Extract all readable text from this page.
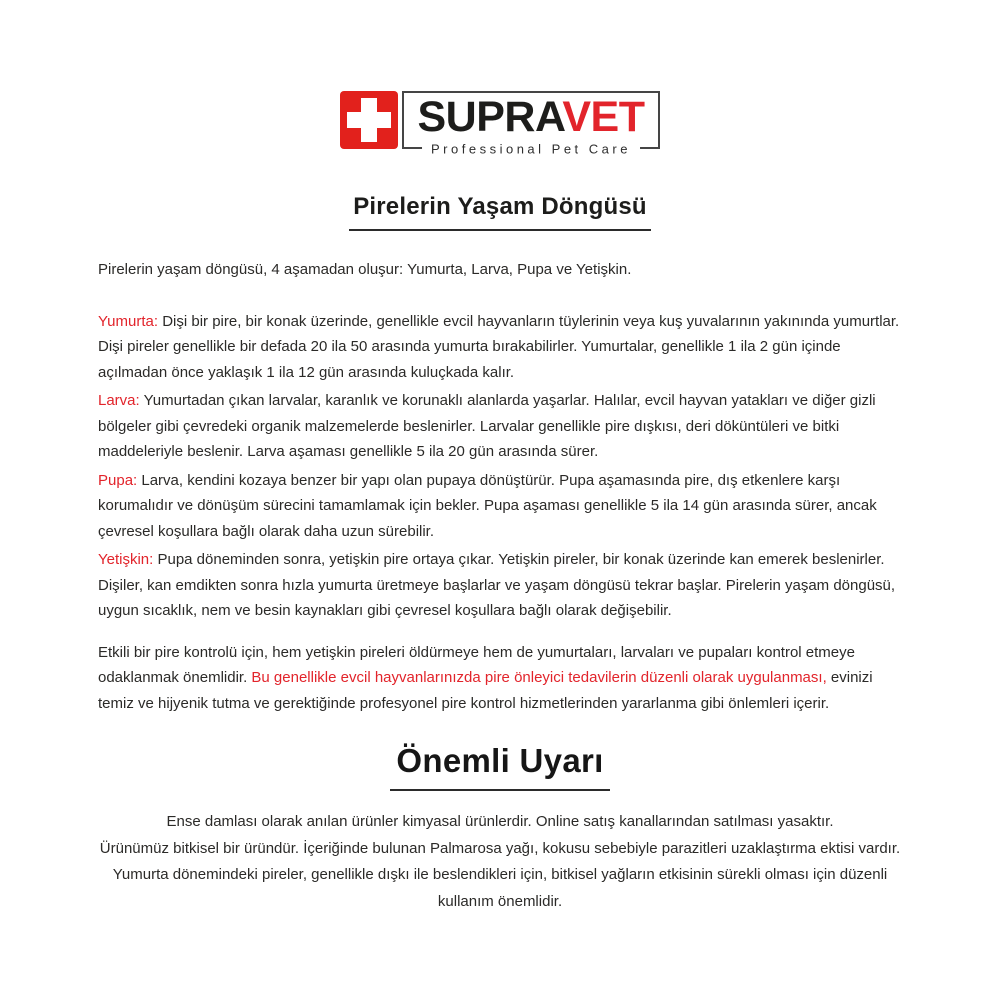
SUPRAVET
Professional Pet Care
Pirelerin Yaşam Döngüsü

Pirelerin yaşam döngüsü, 4 aşamadan oluşur: Yumurta, Larva, Pupa ve Yetişkin.

Yumurta: Dişi bir pire, bir konak üzerinde, genellikle evcil hayvanların tüylerinin veya kuş yuvalarının yakınında yumurtlar. Dişi pireler genellikle bir defada 20 ila 50 arasında yumurta bırakabilirler. Yumurtalar, genellikle 1 ila 2 gün içinde açılmadan önce yaklaşık 1 ila 12 gün arasında kuluçkada kalır.

Larva: Yumurtadan çıkan larvalar, karanlık ve korunaklı alanlarda yaşarlar. Halılar, evcil hayvan yatakları ve diğer gizli bölgeler gibi çevredeki organik malzemelerde beslenirler. Larvalar genellikle pire dışkısı, deri döküntüleri ve bitki maddeleriyle beslenir. Larva aşaması genellikle 5 ila 20 gün arasında sürer.

Pupa: Larva, kendini kozaya benzer bir yapı olan pupaya dönüştürür. Pupa aşamasında pire, dış etkenlere karşı korumalıdır ve dönüşüm sürecini tamamlamak için bekler. Pupa aşaması genellikle 5 ila 14 gün arasında sürer, ancak çevresel koşullara bağlı olarak daha uzun sürebilir.

Yetişkin: Pupa döneminden sonra, yetişkin pire ortaya çıkar. Yetişkin pireler, bir konak üzerinde kan emerek beslenirler. Dişiler, kan emdikten sonra hızla yumurta üretmeye başlarlar ve yaşam döngüsü tekrar başlar. Pirelerin yaşam döngüsü, uygun sıcaklık, nem ve besin kaynakları gibi çevresel koşullara bağlı olarak değişebilir.

Etkili bir pire kontrolü için, hem yetişkin pireleri öldürmeye hem de yumurtaları, larvaları ve pupaları kontrol etmeye odaklanmak önemlidir. Bu genellikle evcil hayvanlarınızda pire önleyici tedavilerin düzenli olarak uygulanması, evinizi temiz ve hijyenik tutma ve gerektiğinde profesyonel pire kontrol hizmetlerinden yararlanma gibi önlemleri içerir.

Önemli Uyarı

Ense damlası olarak anılan ürünler kimyasal ürünlerdir. Online satış kanallarından satılması yasaktır.

Ürünümüz bitkisel bir üründür. İçeriğinde bulunan Palmarosa yağı, kokusu sebebiyle parazitleri uzaklaştırma ektisi vardır.

Yumurta dönemindeki pireler, genellikle dışkı ile beslendikleri için, bitkisel yağların etkisinin sürekli olması için düzenli kullanım önemlidir.
